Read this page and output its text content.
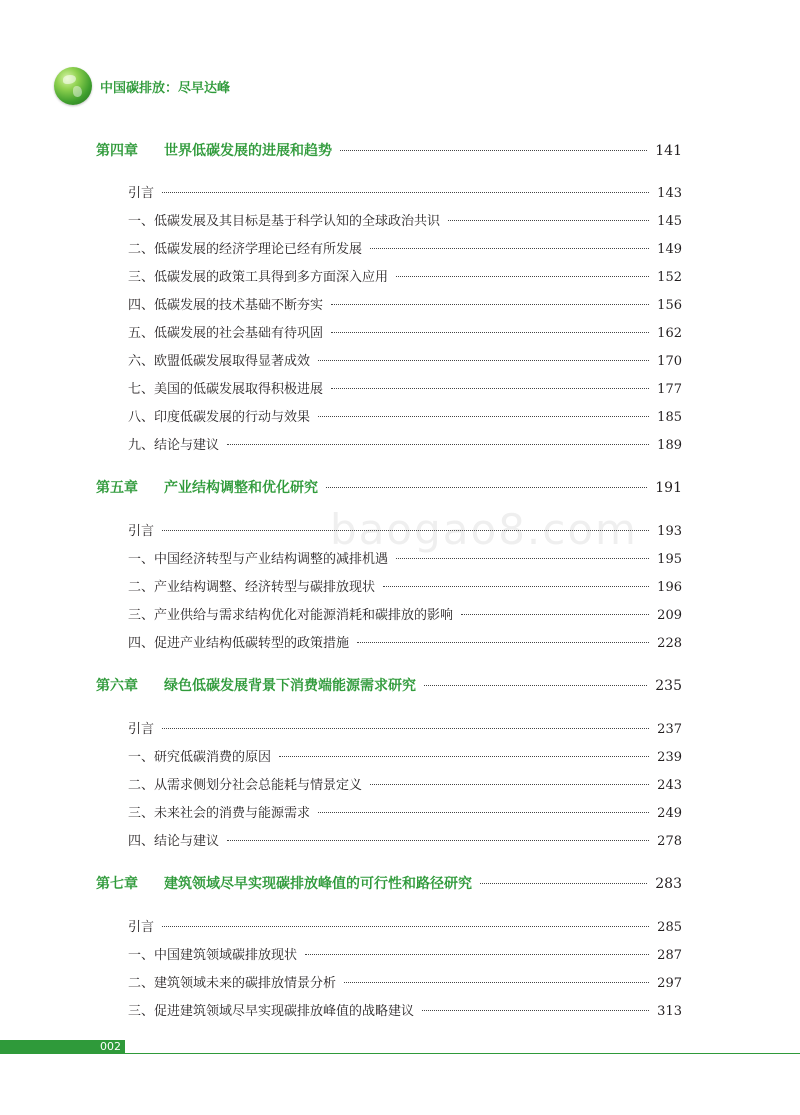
中国碳排放：尽早达峰
baogao8.com
第四章 世界低碳发展的进展和趋势	141
引言	143
一、低碳发展及其目标是基于科学认知的全球政治共识	145
二、低碳发展的经济学理论已经有所发展	149
三、低碳发展的政策工具得到多方面深入应用	152
四、低碳发展的技术基础不断夯实	156
五、低碳发展的社会基础有待巩固	162
六、欧盟低碳发展取得显著成效	170
七、美国的低碳发展取得积极进展	177
八、印度低碳发展的行动与效果	185
九、结论与建议	189
第五章 产业结构调整和优化研究	191
引言	193
一、中国经济转型与产业结构调整的减排机遇	195
二、产业结构调整、经济转型与碳排放现状	196
三、产业供给与需求结构优化对能源消耗和碳排放的影响	209
四、促进产业结构低碳转型的政策措施	228
第六章 绿色低碳发展背景下消费端能源需求研究	235
引言	237
一、研究低碳消费的原因	239
二、从需求侧划分社会总能耗与情景定义	243
三、未来社会的消费与能源需求	249
四、结论与建议	278
第七章 建筑领域尽早实现碳排放峰值的可行性和路径研究	283
引言	285
一、中国建筑领域碳排放现状	287
二、建筑领域未来的碳排放情景分析	297
三、促进建筑领域尽早实现碳排放峰值的战略建议	313
002
